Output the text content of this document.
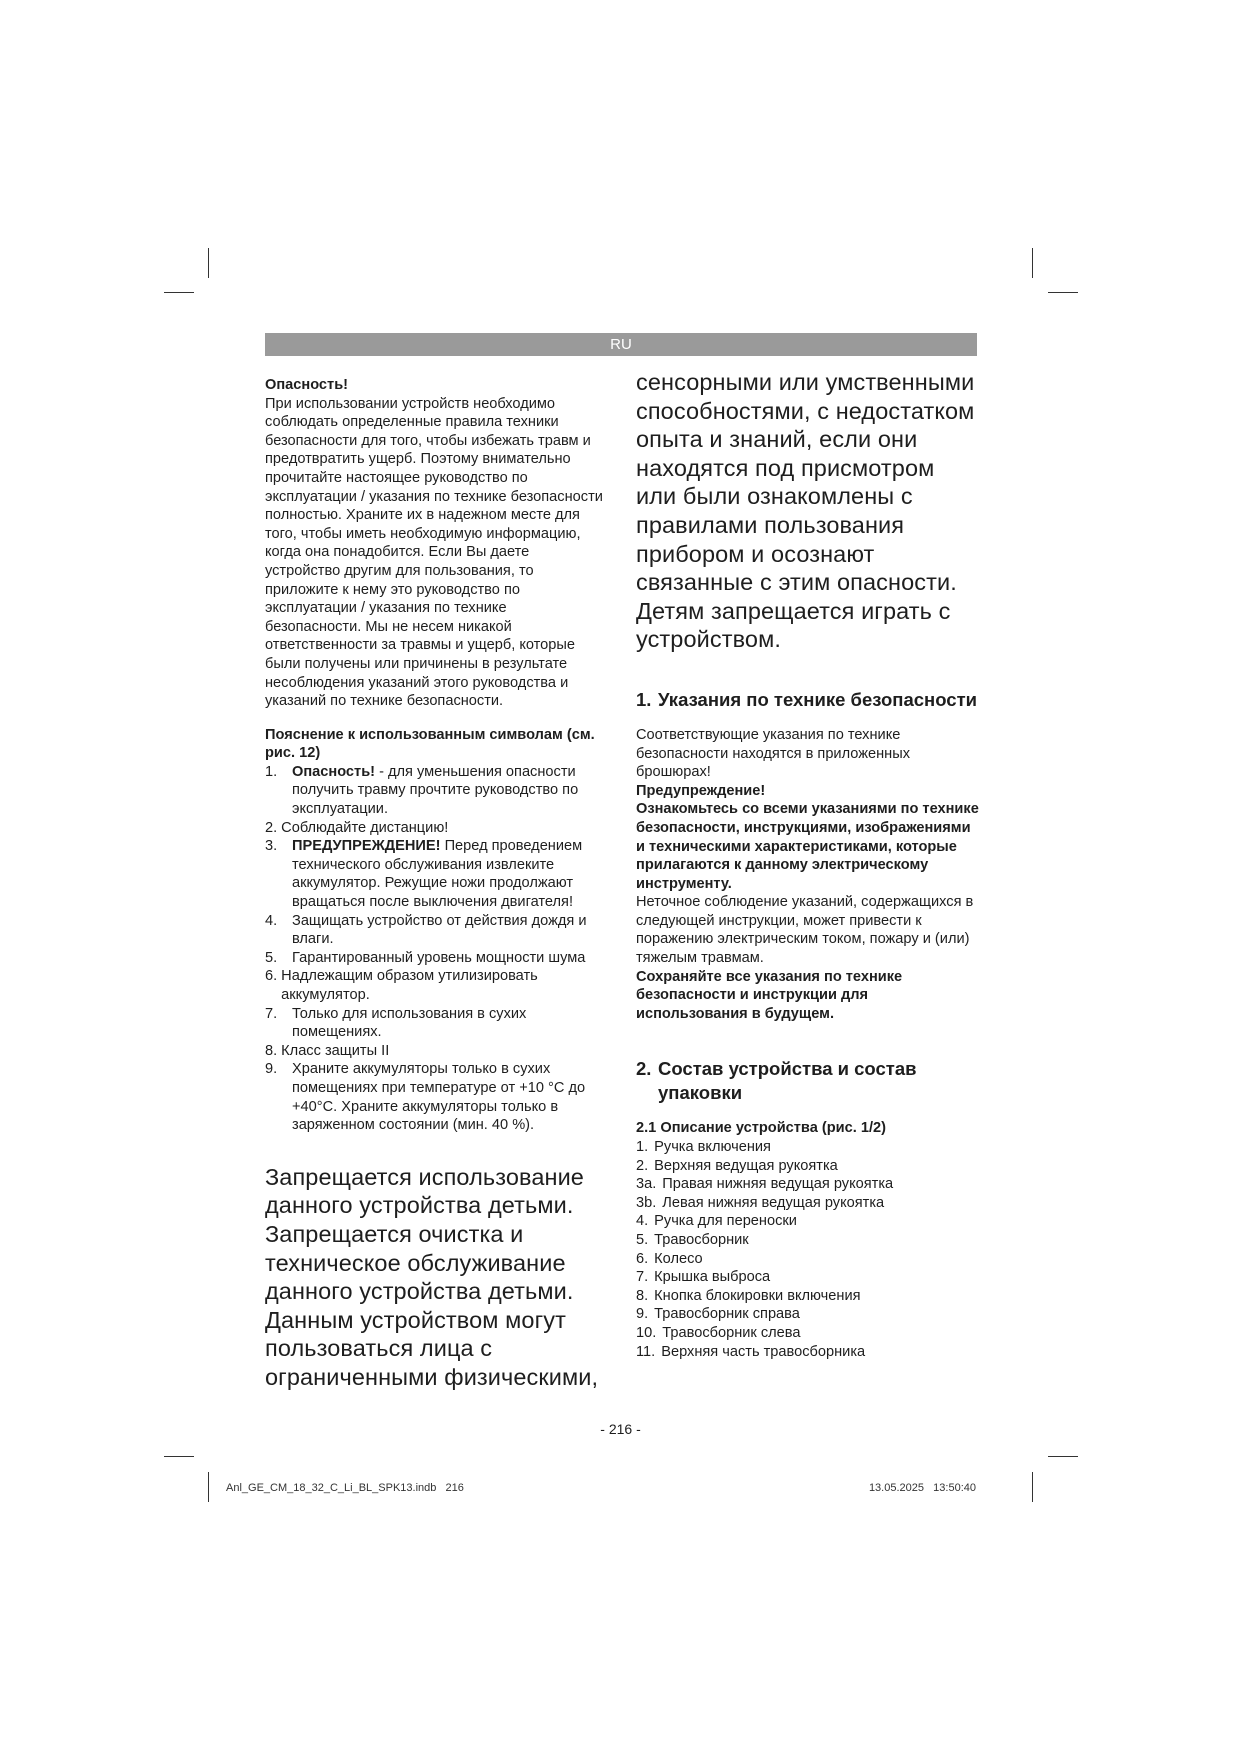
RU

Опасность!

При использовании устройств необходимо соблюдать определенные правила техники безопасности для того, чтобы избежать травм и предотвратить ущерб. Поэтому внимательно прочитайте настоящее руководство по эксплуатации / указания по технике безопасности полностью. Храните их в надежном месте для того, чтобы иметь необходимую информацию, когда она понадобится. Если Вы даете устройство другим для пользования, то приложите к нему это руководство по эксплуатации / указания по технике безопасности. Мы не несем никакой ответственности за травмы и ущерб, которые были получены или причинены в результате несоблюдения указаний этого руководства и указаний по технике безопасности.

Пояснение к использованным символам (см. рис. 12)

1.	Опасность! - для уменьшения опасности получить травму прочтите руководство по эксплуатации.
2. Соблюдайте дистанцию!
3.	ПРЕДУПРЕЖДЕНИЕ! Перед проведением технического обслуживания извлеките аккумулятор. Режущие ножи продолжают вращаться после выключения двигателя!
4.	Защищать устройство от действия дождя и влаги.
5.	Гарантированный уровень мощности шума
6. Надлежащим образом утилизировать аккумулятор.
7.	Только для использования в сухих помещениях.
8. Класс защиты II
9.	Храните аккумуляторы только в сухих помещениях при температуре от +10 °C до +40°C. Храните аккумуляторы только в заряженном состоянии (мин. 40 %).

Запрещается использование данного устройства детьми. Запрещается очистка и техническое обслуживание данного устройства детьми. Данным устройством могут пользоваться лица с ограниченными физическими,

сенсорными или умственными способностями, с недостатком опыта и знаний, если они находятся под присмотром или были ознакомлены с правилами пользования прибором и осознают связанные с этим опасности. Детям запрещается играть с устройством.

1. Указания по технике безопасности

Соответствующие указания по технике безопасности находятся в приложенных брошюрах!

Предупреждение!

Ознакомьтесь со всеми указаниями по технике безопасности, инструкциями, изображениями и техническими характеристиками, которые прилагаются к данному электрическому инструменту.

Неточное соблюдение указаний, содержащихся в следующей инструкции, может привести к поражению электрическим током, пожару и (или) тяжелым травмам.

Сохраняйте все указания по технике безопасности и инструкции для использования в будущем.

2. Состав устройства и состав упаковки

2.1 Описание устройства (рис. 1/2)

1. Ручка включения
2. Верхняя ведущая рукоятка
3a. Правая нижняя ведущая рукоятка
3b. Левая нижняя ведущая рукоятка
4. Ручка для переноски
5. Травосборник
6. Колесо
7. Крышка выброса
8. Кнопка блокировки включения
9. Травосборник справа
10. Травосборник слева
11. Верхняя часть травосборника
- 216 -
Anl_GE_CM_18_32_C_Li_BL_SPK13.indb   216	13.05.2025 13:50:40
